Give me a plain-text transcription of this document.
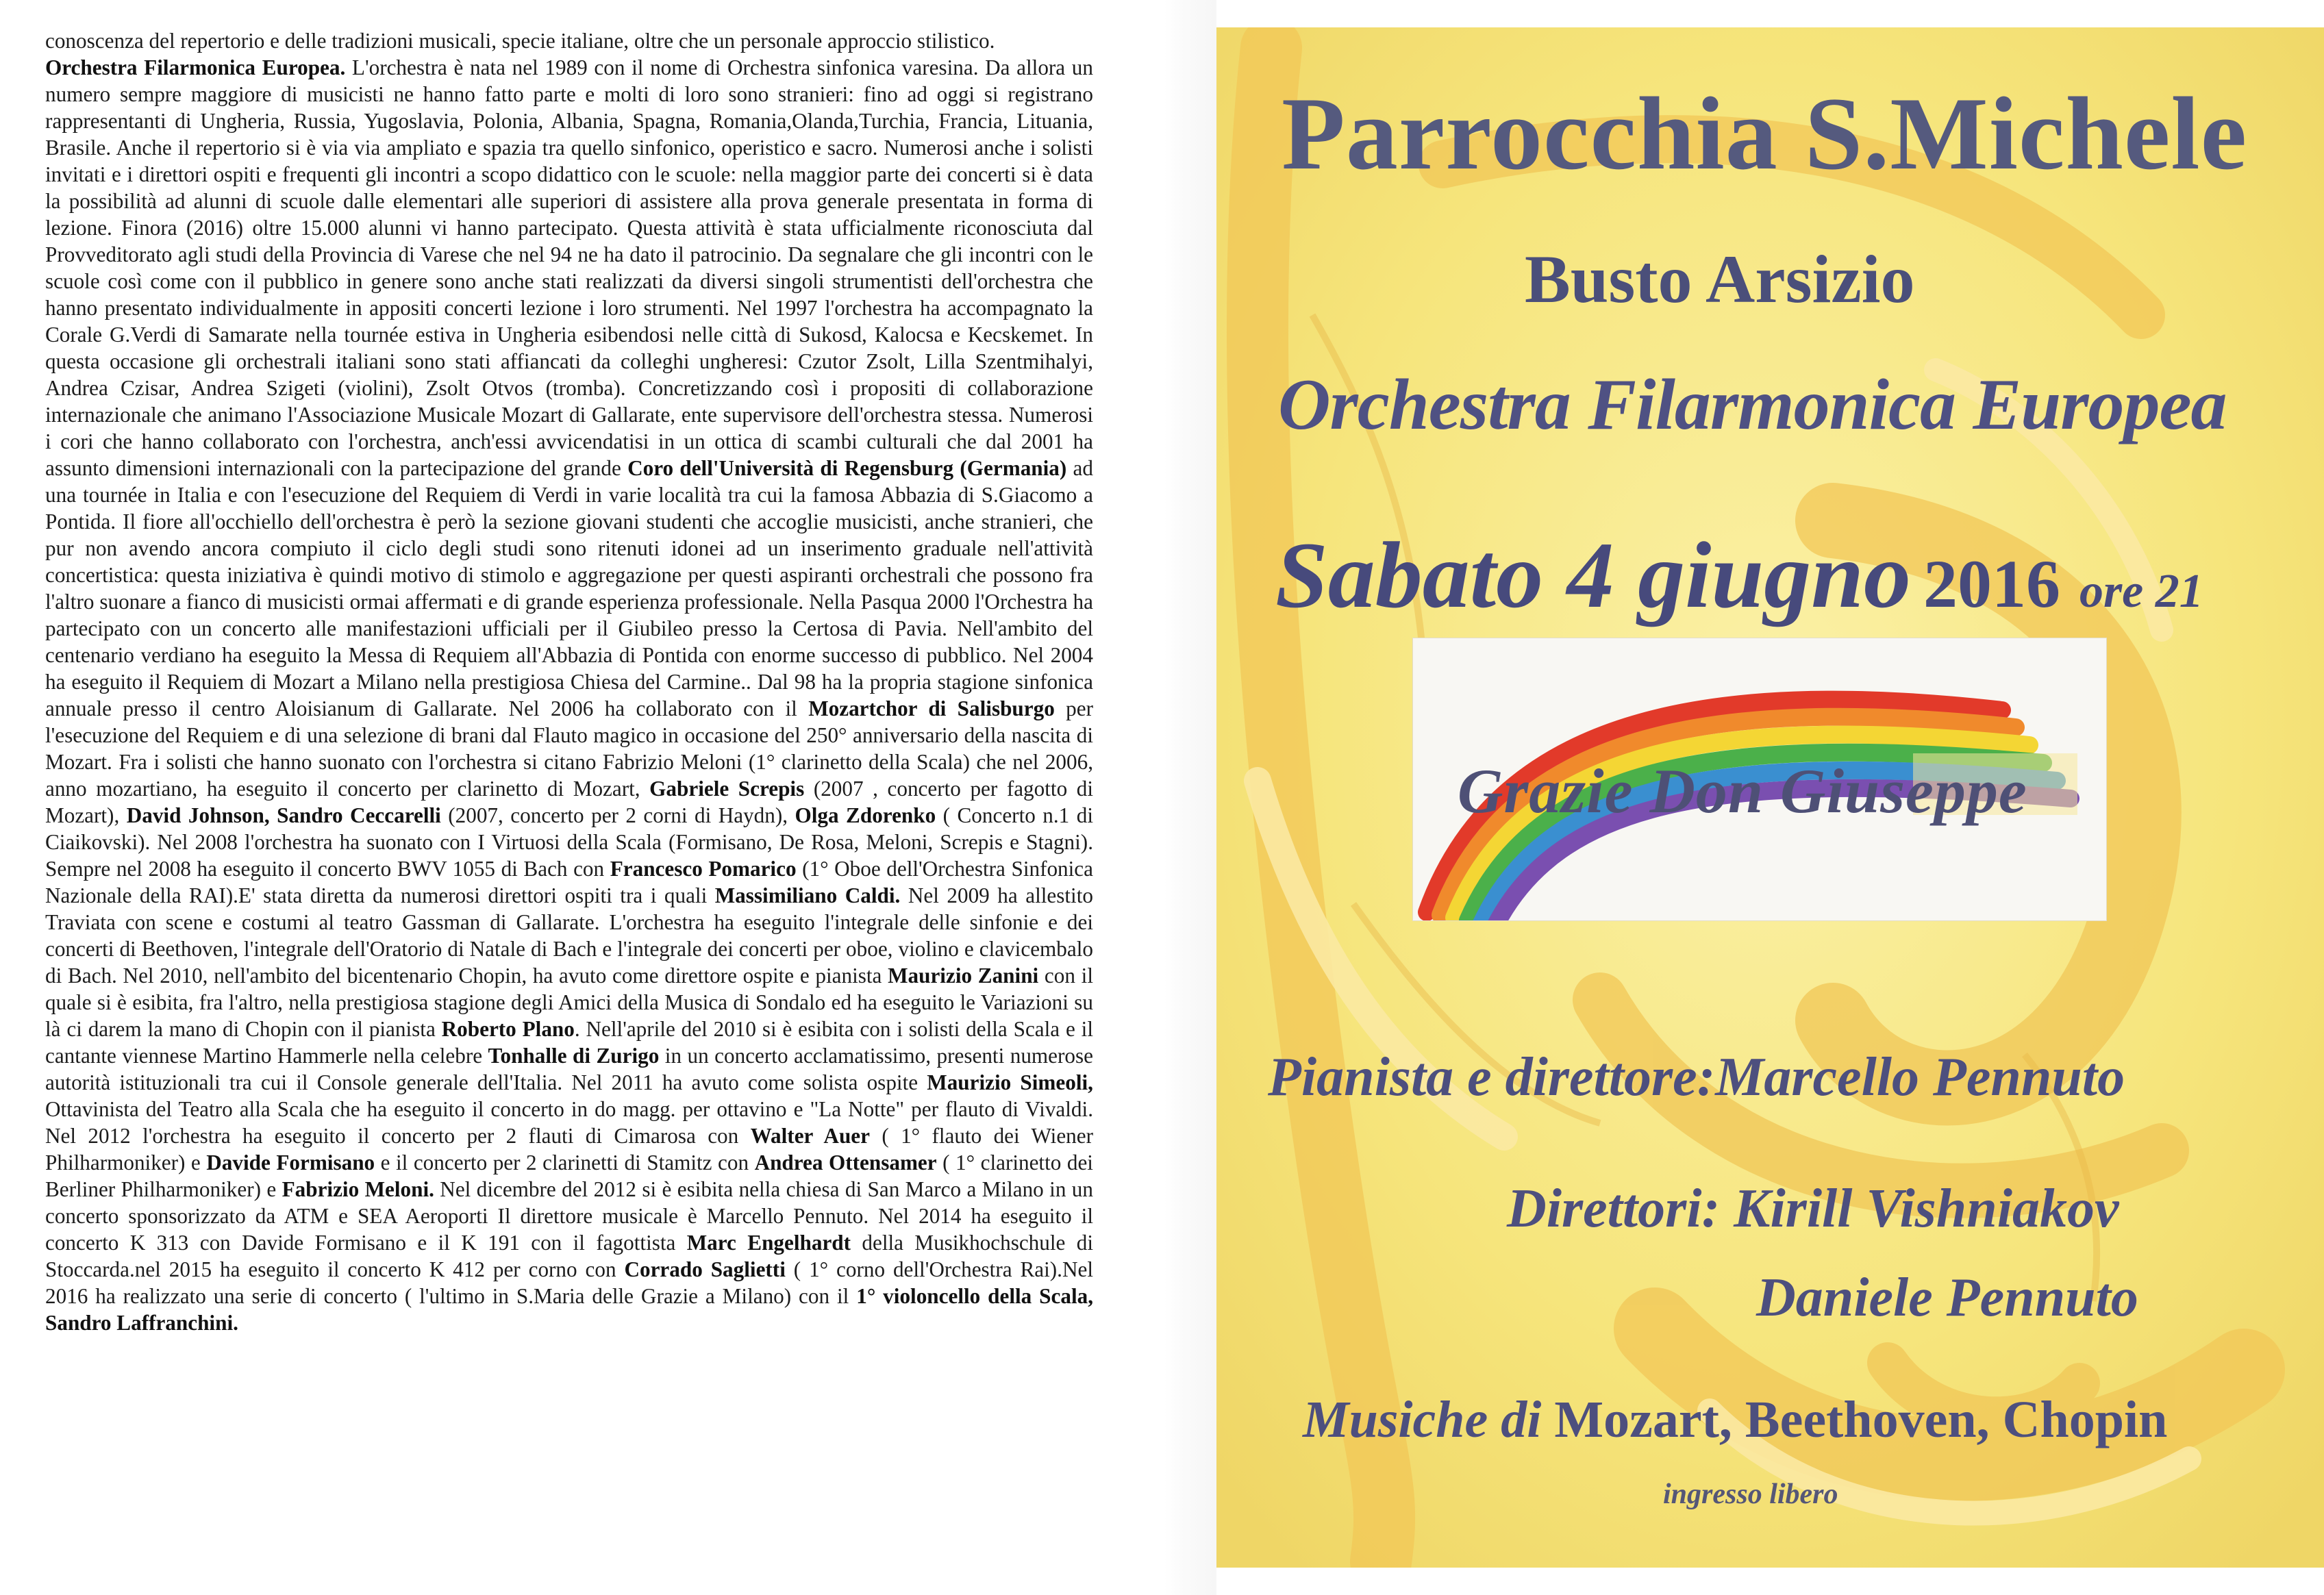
conoscenza del repertorio e delle tradizioni musicali, specie italiane, oltre che un personale approccio stilistico.
Orchestra Filarmonica Europea. L'orchestra è nata nel 1989 con il nome di Orchestra sinfonica varesina. Da allora un numero sempre maggiore di musicisti ne hanno fatto parte e molti di loro sono stranieri: fino ad oggi si registrano rappresentanti di Ungheria, Russia, Yugoslavia, Polonia, Albania, Spagna, Romania,Olanda,Turchia, Francia, Lituania, Brasile. Anche il repertorio si è via via ampliato e spazia tra quello sinfonico, operistico e sacro. Numerosi anche i solisti invitati e i direttori ospiti e frequenti gli incontri a scopo didattico con le scuole: nella maggior parte dei concerti si è data la possibilità ad alunni di scuole dalle elementari alle superiori di assistere alla prova generale presentata in forma di lezione. Finora (2016) oltre 15.000 alunni vi hanno partecipato. Questa attività è stata ufficialmente riconosciuta dal Provveditorato agli studi della Provincia di Varese che nel 94 ne ha dato il patrocinio. Da segnalare che gli incontri con le scuole così come con il pubblico in genere sono anche stati realizzati da diversi singoli strumentisti dell'orchestra che hanno presentato individualmente in appositi concerti lezione i loro strumenti. Nel 1997 l'orchestra ha accompagnato la Corale G.Verdi di Samarate nella tournée estiva in Ungheria esibendosi nelle città di Sukosd, Kalocsa e Kecskemet. In questa occasione gli orchestrali italiani sono stati affiancati da colleghi ungheresi: Czutor Zsolt, Lilla Szentmihalyi, Andrea Czisar, Andrea Szigeti (violini), Zsolt Otvos (tromba). Concretizzando così i propositi di collaborazione internazionale che animano l'Associazione Musicale Mozart di Gallarate, ente supervisore dell'orchestra stessa. Numerosi i cori che hanno collaborato con l'orchestra, anch'essi avvicendatisi in un ottica di scambi culturali che dal 2001 ha assunto dimensioni internazionali con la partecipazione del grande Coro dell'Università di Regensburg (Germania) ad una tournée in Italia e con l'esecuzione del Requiem di Verdi in varie località tra cui la famosa Abbazia di S.Giacomo a Pontida. Il fiore all'occhiello dell'orchestra è però la sezione giovani studenti che accoglie musicisti, anche stranieri, che pur non avendo ancora compiuto il ciclo degli studi sono ritenuti idonei ad un inserimento graduale nell'attività concertistica: questa iniziativa è quindi motivo di stimolo e aggregazione per questi aspiranti orchestrali che possono fra l'altro suonare a fianco di musicisti ormai affermati e di grande esperienza professionale. Nella Pasqua 2000 l'Orchestra ha partecipato con un concerto alle manifestazioni ufficiali per il Giubileo presso la Certosa di Pavia. Nell'ambito del centenario verdiano ha eseguito la Messa di Requiem all'Abbazia di Pontida con enorme successo di pubblico. Nel 2004 ha eseguito il Requiem di Mozart a Milano nella prestigiosa Chiesa del Carmine.. Dal 98 ha la propria stagione sinfonica annuale presso il centro Aloisianum di Gallarate. Nel 2006 ha collaborato con il Mozartchor di Salisburgo per l'esecuzione del Requiem e di una selezione di brani dal Flauto magico in occasione del 250° anniversario della nascita di Mozart. Fra i solisti che hanno suonato con l'orchestra si citano Fabrizio Meloni (1° clarinetto della Scala) che nel 2006, anno mozartiano, ha eseguito il concerto per clarinetto di Mozart, Gabriele Screpis (2007 , concerto per fagotto di Mozart), David Johnson, Sandro Ceccarelli (2007, concerto per 2 corni di Haydn), Olga Zdorenko ( Concerto n.1 di Ciaikovski). Nel 2008 l'orchestra ha suonato con I Virtuosi della Scala (Formisano, De Rosa, Meloni, Screpis e Stagni). Sempre nel 2008 ha eseguito il concerto BWV 1055 di Bach con Francesco Pomarico (1° Oboe dell'Orchestra Sinfonica Nazionale della RAI).E' stata diretta da numerosi direttori ospiti tra i quali Massimiliano Caldi. Nel 2009 ha allestito Traviata con scene e costumi al teatro Gassman di Gallarate. L'orchestra ha eseguito l'integrale delle sinfonie e dei concerti di Beethoven, l'integrale dell'Oratorio di Natale di Bach e l'integrale dei concerti per oboe, violino e clavicembalo di Bach. Nel 2010, nell'ambito del bicentenario Chopin, ha avuto come direttore ospite e pianista Maurizio Zanini con il quale si è esibita, fra l'altro, nella prestigiosa stagione degli Amici della Musica di Sondalo ed ha eseguito le Variazioni su là ci darem la mano di Chopin con il pianista Roberto Plano. Nell'aprile del 2010 si è esibita con i solisti della Scala e il cantante viennese Martino Hammerle nella celebre Tonhalle di Zurigo in un concerto acclamatissimo, presenti numerose autorità istituzionali tra cui il Console generale dell'Italia. Nel 2011 ha avuto come solista ospite Maurizio Simeoli, Ottavinista del Teatro alla Scala che ha eseguito il concerto in do magg. per ottavino e "La Notte" per flauto di Vivaldi. Nel 2012 l'orchestra ha eseguito il concerto per 2 flauti di Cimarosa con Walter Auer ( 1° flauto dei Wiener Philharmoniker) e Davide Formisano e il concerto per 2 clarinetti di Stamitz con Andrea Ottensamer ( 1° clarinetto dei Berliner Philharmoniker) e Fabrizio Meloni. Nel dicembre del 2012 si è esibita nella chiesa di San Marco a Milano in un concerto sponsorizzato da ATM e SEA Aeroporti Il direttore musicale è Marcello Pennuto. Nel 2014 ha eseguito il concerto K 313 con Davide Formisano e il K 191 con il fagottista Marc Engelhardt della Musikhochschule di Stoccarda.nel 2015 ha eseguito il concerto K 412 per corno con Corrado Saglietti ( 1° corno dell'Orchestra Rai).Nel 2016 ha realizzato una serie di concerto ( l'ultimo in S.Maria delle Grazie a Milano) con il 1° violoncello della Scala, Sandro Laffranchini.

Parrocchia S.Michele
Busto Arsizio
Orchestra Filarmonica Europea
Sabato 4 giugno 2016 ore 21

Grazie Don Giuseppe

Pianista e direttore:Marcello Pennuto

Direttori: Kirill Vishniakov

Daniele Pennuto

Musiche di Mozart, Beethoven, Chopin

ingresso libero
